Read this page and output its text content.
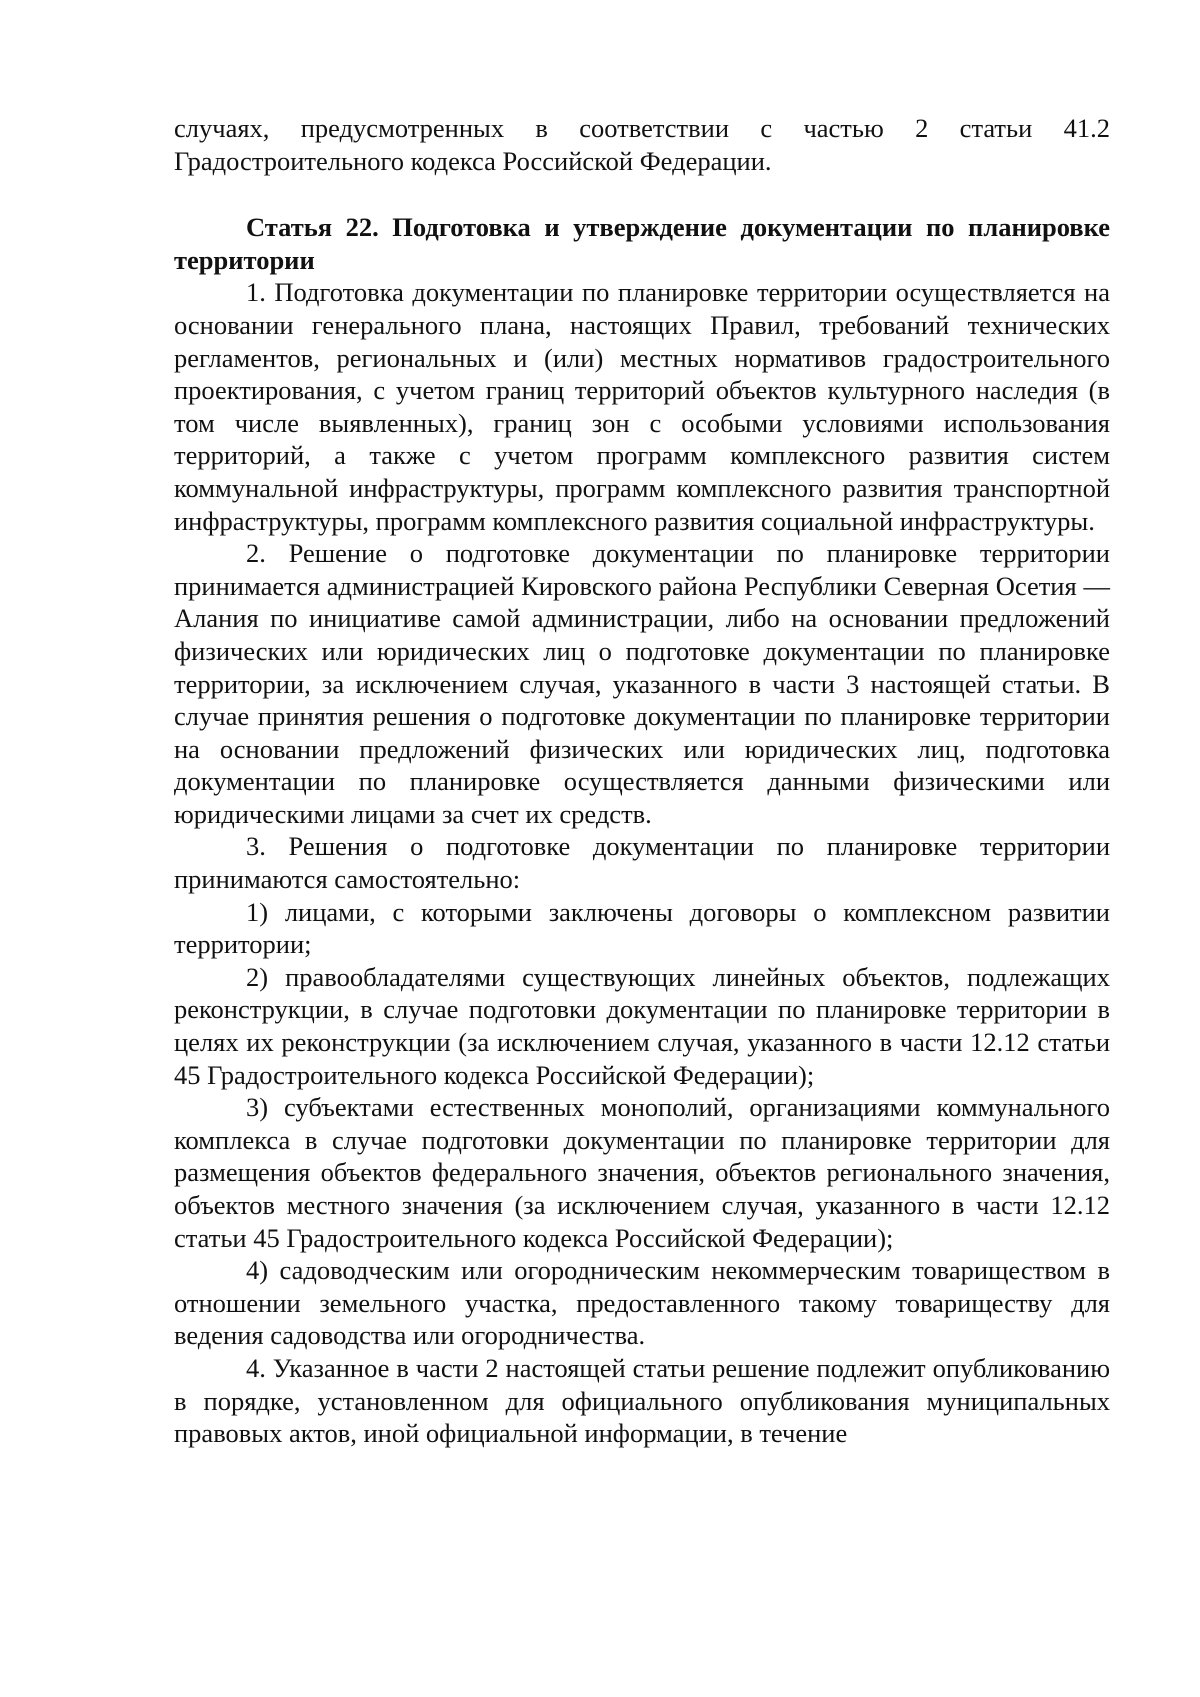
случаях, предусмотренных в соответствии с частью 2 статьи 41.2 Градостроительного кодекса Российской Федерации.

Статья 22. Подготовка и утверждение документации по планировке территории

1. Подготовка документации по планировке территории осуществляется на основании генерального плана, настоящих Правил, требований технических регламентов, региональных и (или) местных нормативов градостроительного проектирования, с учетом границ территорий объектов культурного наследия (в том числе выявленных), границ зон с особыми условиями использования территорий, а также с учетом программ комплексного развития систем коммунальной инфраструктуры, программ комплексного развития транспортной инфраструктуры, программ комплексного развития социальной инфраструктуры.

2. Решение о подготовке документации по планировке территории принимается администрацией Кировского района Республики Северная Осетия — Алания по инициативе самой администрации, либо на основании предложений физических или юридических лиц о подготовке документации по планировке территории, за исключением случая, указанного в части 3 настоящей статьи. В случае принятия решения о подготовке документации по планировке территории на основании предложений физических или юридических лиц, подготовка документации по планировке осуществляется данными физическими или юридическими лицами за счет их средств.

3. Решения о подготовке документации по планировке территории принимаются самостоятельно:

1) лицами, с которыми заключены договоры о комплексном развитии территории;

2) правообладателями существующих линейных объектов, подлежащих реконструкции, в случае подготовки документации по планировке территории в целях их реконструкции (за исключением случая, указанного в части 12.12 статьи 45 Градостроительного кодекса Российской Федерации);

3) субъектами естественных монополий, организациями коммунального комплекса в случае подготовки документации по планировке территории для размещения объектов федерального значения, объектов регионального значения, объектов местного значения (за исключением случая, указанного в части 12.12 статьи 45 Градостроительного кодекса Российской Федерации);

4) садоводческим или огородническим некоммерческим товариществом в отношении земельного участка, предоставленного такому товариществу для ведения садоводства или огородничества.

4. Указанное в части 2 настоящей статьи решение подлежит опубликованию в порядке, установленном для официального опубликования муниципальных правовых актов, иной официальной информации, в течение
